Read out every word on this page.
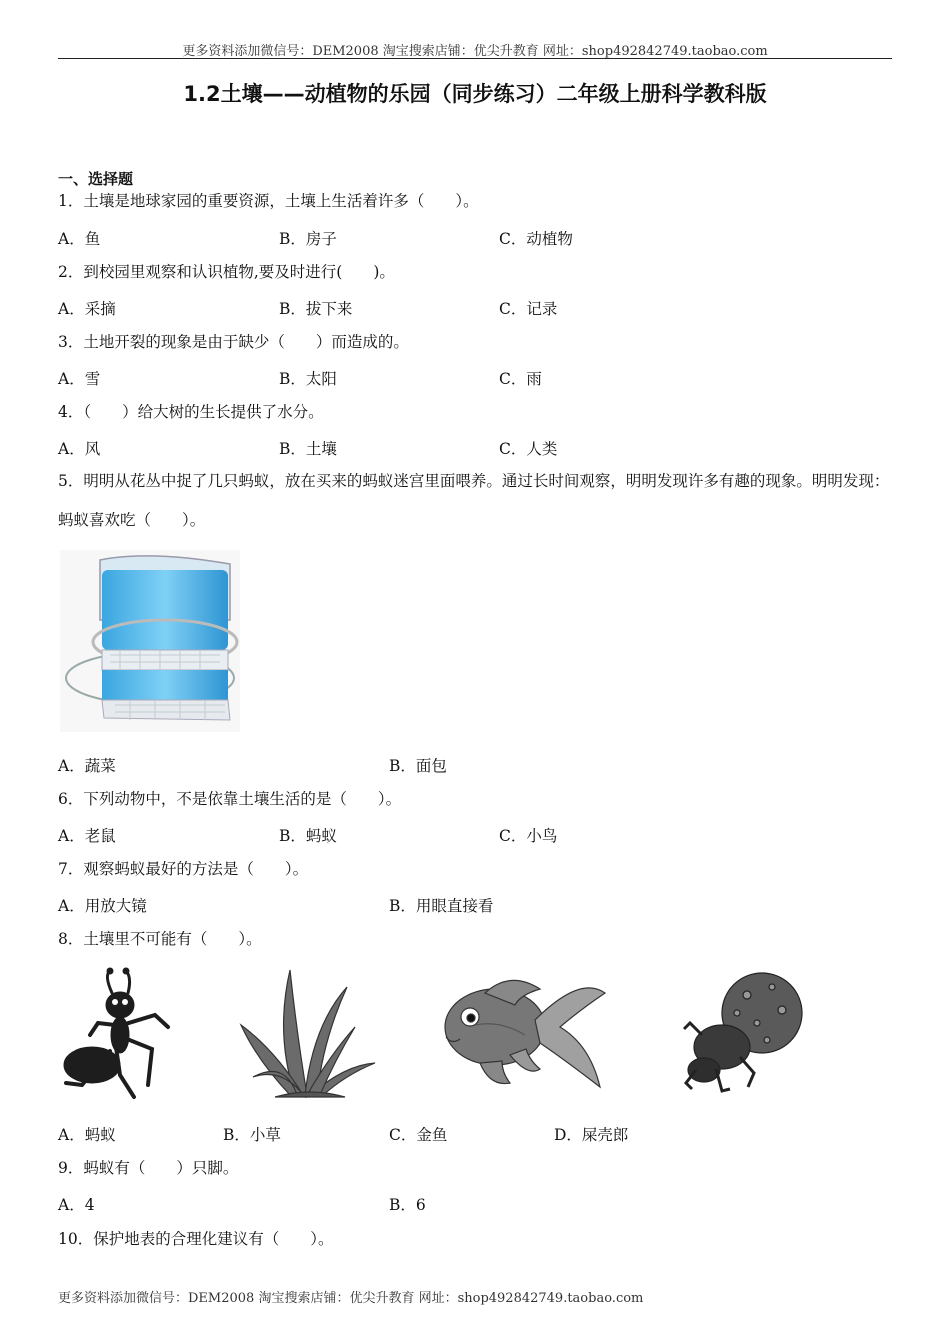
更多资料添加微信号：DEM2008 淘宝搜索店铺：优尖升教育 网址：shop492842749.taobao.com
1.2土壤——动植物的乐园（同步练习）二年级上册科学教科版
一、选择题
1．土壤是地球家园的重要资源，土壤上生活着许多（　　）。
A．鱼	B．房子	C．动植物
2．到校园里观察和认识植物,要及时进行(　　)。
A．采摘	B．拔下来	C．记录
3．土地开裂的现象是由于缺少（　　）而造成的。
A．雪	B．太阳	C．雨
4．（　　）给大树的生长提供了水分。
A．风	B．土壤	C．人类
5．明明从花丛中捉了几只蚂蚁，放在买来的蚂蚁迷宫里面喂养。通过长时间观察，明明发现许多有趣的现象。明明发现：蚂蚁喜欢吃（　　）。
A．蔬菜	B．面包
6．下列动物中，不是依靠土壤生活的是（　　）。
A．老鼠	B．蚂蚁	C．小鸟
7．观察蚂蚁最好的方法是（　　）。
A．用放大镜	B．用眼直接看
8．土壤里不可能有（　　）。
A．蚂蚁	B．小草	C．金鱼	D．屎壳郎
9．蚂蚁有（　　）只脚。
A．4	B．6
10．保护地表的合理化建议有（　　）。
更多资料添加微信号：DEM2008 淘宝搜索店铺：优尖升教育 网址：shop492842749.taobao.com
